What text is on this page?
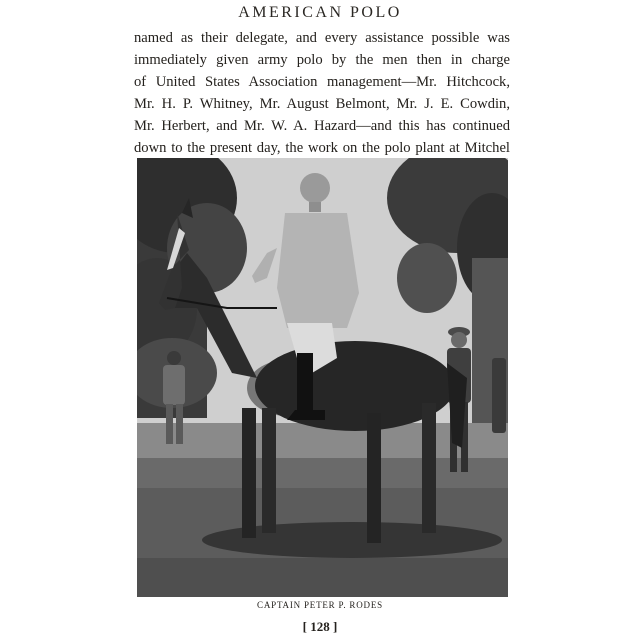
AMERICAN POLO
named as their delegate, and every assistance possible was
immediately given army polo by the men then in charge
of United States Association management—Mr. Hitchcock,
Mr. H. P. Whitney, Mr. August Belmont, Mr. J. E. Cowdin,
Mr. Herbert, and Mr. W. A. Hazard—and this has continued
down to the present day, the work on the polo plant at Mitchel
CAPTAIN PETER P. RODES
[ 128 ]
